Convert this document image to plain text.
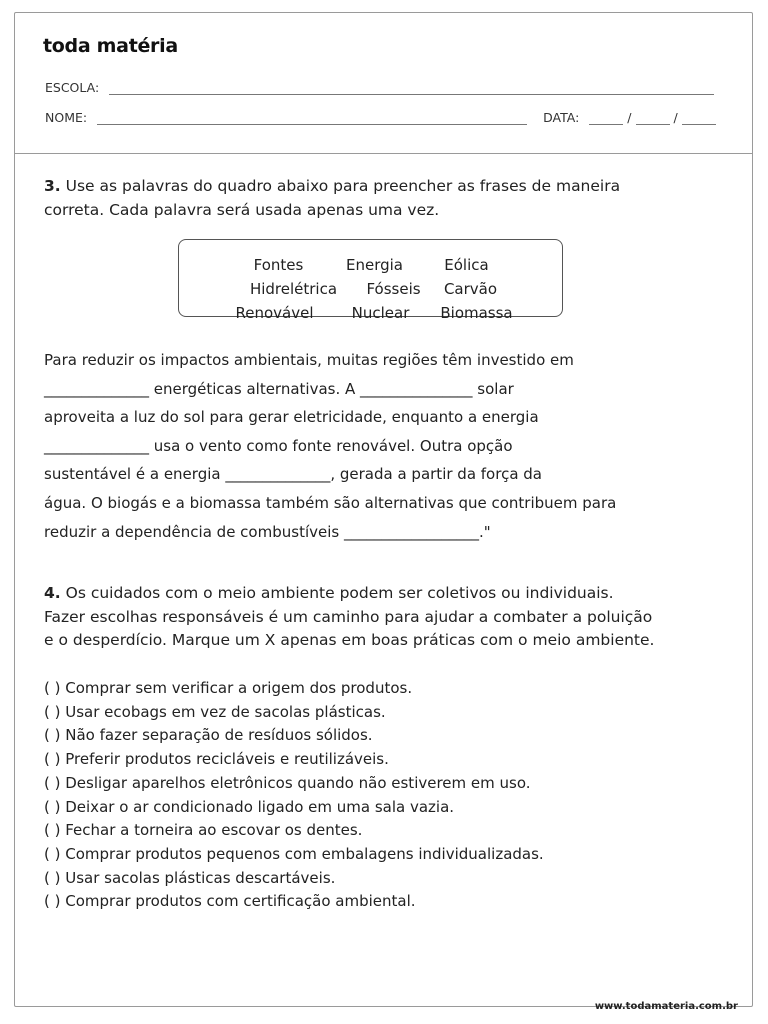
toda matéria
ESCOLA:
NOME:	DATA:	/	/
3. Use as palavras do quadro abaixo para preencher as frases de maneira
correta. Cada palavra será usada apenas uma vez.
Fontes	Energia	Eólica
Hidrelétrica	Fósseis	Carvão
Renovável	Nuclear	Biomassa
Para reduzir os impactos ambientais, muitas regiões têm investido em
______________ energéticas alternativas. A _______________ solar
aproveita a luz do sol para gerar eletricidade, enquanto a energia
______________ usa o vento como fonte renovável. Outra opção
sustentável é a energia ______________, gerada a partir da força da
água. O biogás e a biomassa também são alternativas que contribuem para
reduzir a dependência de combustíveis __________________."
4. Os cuidados com o meio ambiente podem ser coletivos ou individuais.
Fazer escolhas responsáveis é um caminho para ajudar a combater a poluição
e o desperdício. Marque um X apenas em boas práticas com o meio ambiente.
( ) Comprar sem verificar a origem dos produtos.
( ) Usar ecobags em vez de sacolas plásticas.
( ) Não fazer separação de resíduos sólidos.
( ) Preferir produtos recicláveis e reutilizáveis.
( ) Desligar aparelhos eletrônicos quando não estiverem em uso.
( ) Deixar o ar condicionado ligado em uma sala vazia.
( ) Fechar a torneira ao escovar os dentes.
( ) Comprar produtos pequenos com embalagens individualizadas.
( ) Usar sacolas plásticas descartáveis.
( ) Comprar produtos com certificação ambiental.
www.todamateria.com.br
